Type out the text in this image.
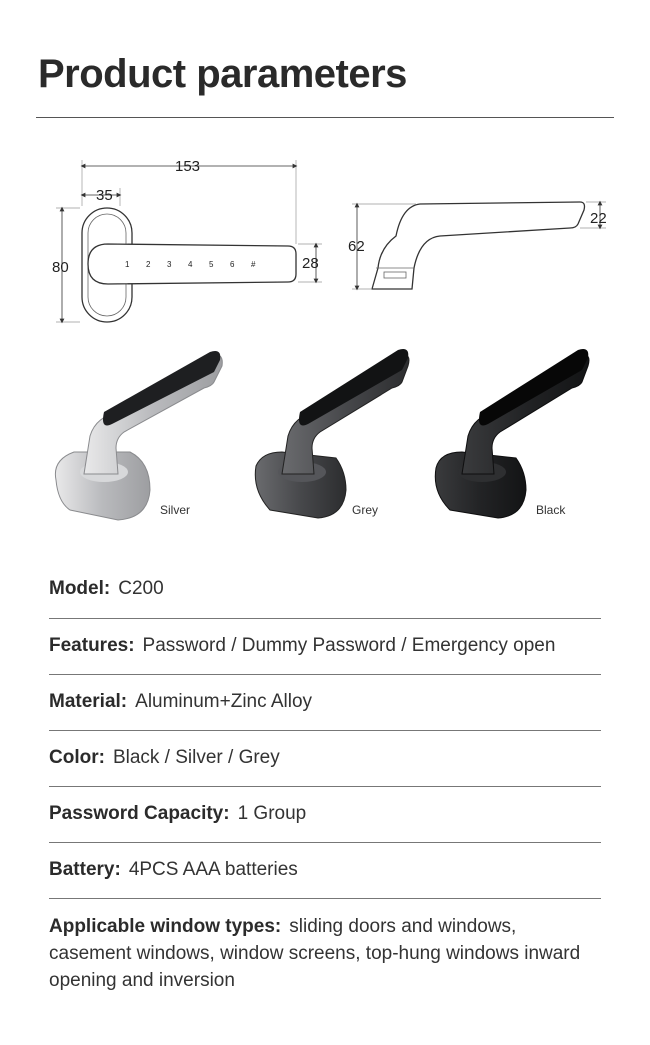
Product parameters
1 2 3 4 5 6 #
153
35
80	28
62
22
Silver	Grey	Black
Model: C200
Features: Password / Dummy Password / Emergency open
Material: Aluminum+Zinc Alloy
Color: Black / Silver / Grey
Password Capacity: 1 Group
Battery: 4PCS AAA batteries
Applicable window types: sliding doors and windows, casement windows, window screens, top-hung windows inward opening and inversion
